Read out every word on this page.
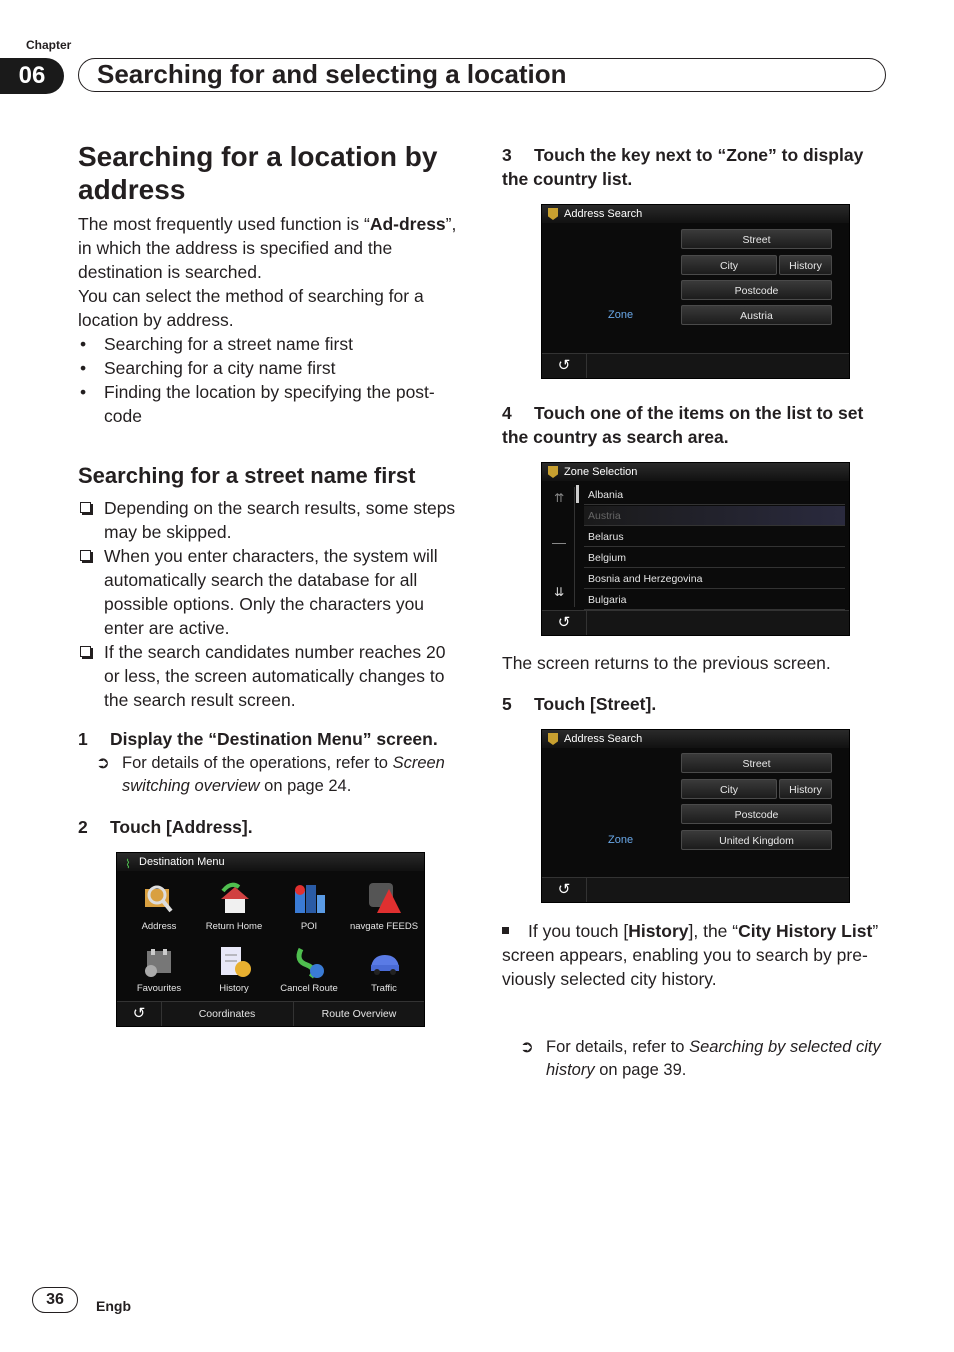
Chapter
06	Searching for and selecting a location
Searching for a location by address
The most frequently used function is “Ad-dress”, in which the address is specified and the destination is searched.
You can select the method of searching for a location by address.
• Searching for a street name first
• Searching for a city name first
• Finding the location by specifying the post-code
Searching for a street name first
Depending on the search results, some steps may be skipped.
When you enter characters, the system will automatically search the database for all possible options. Only the characters you enter are active.
If the search candidates number reaches 20 or less, the screen automatically changes to the search result screen.
1 Display the “Destination Menu” screen.
➲ For details of the operations, refer to Screen switching overview on page 24.
2 Touch [Address].
⌇ Destination Menu
Address	Return Home	POI	navgate FEEDS
Favourites	History	Cancel Route	Traffic
↺	Coordinates	Route Overview
3 Touch the key next to “Zone” to display the country list.
Address Search
Street
City	History
Postcode
Zone	Austria
↺
4 Touch one of the items on the list to set the country as search area.
Zone Selection
⇈
⇊
Albania
Austria
Belarus
Belgium
Bosnia and Herzegovina
Bulgaria
↺
The screen returns to the previous screen.
5 Touch [Street].
Address Search
Street
City	History
Postcode
Zone	United Kingdom
↺
If you touch [History], the “City History List” screen appears, enabling you to search by pre-viously selected city history.
➲ For details, refer to Searching by selected city history on page 39.
36	Engb
